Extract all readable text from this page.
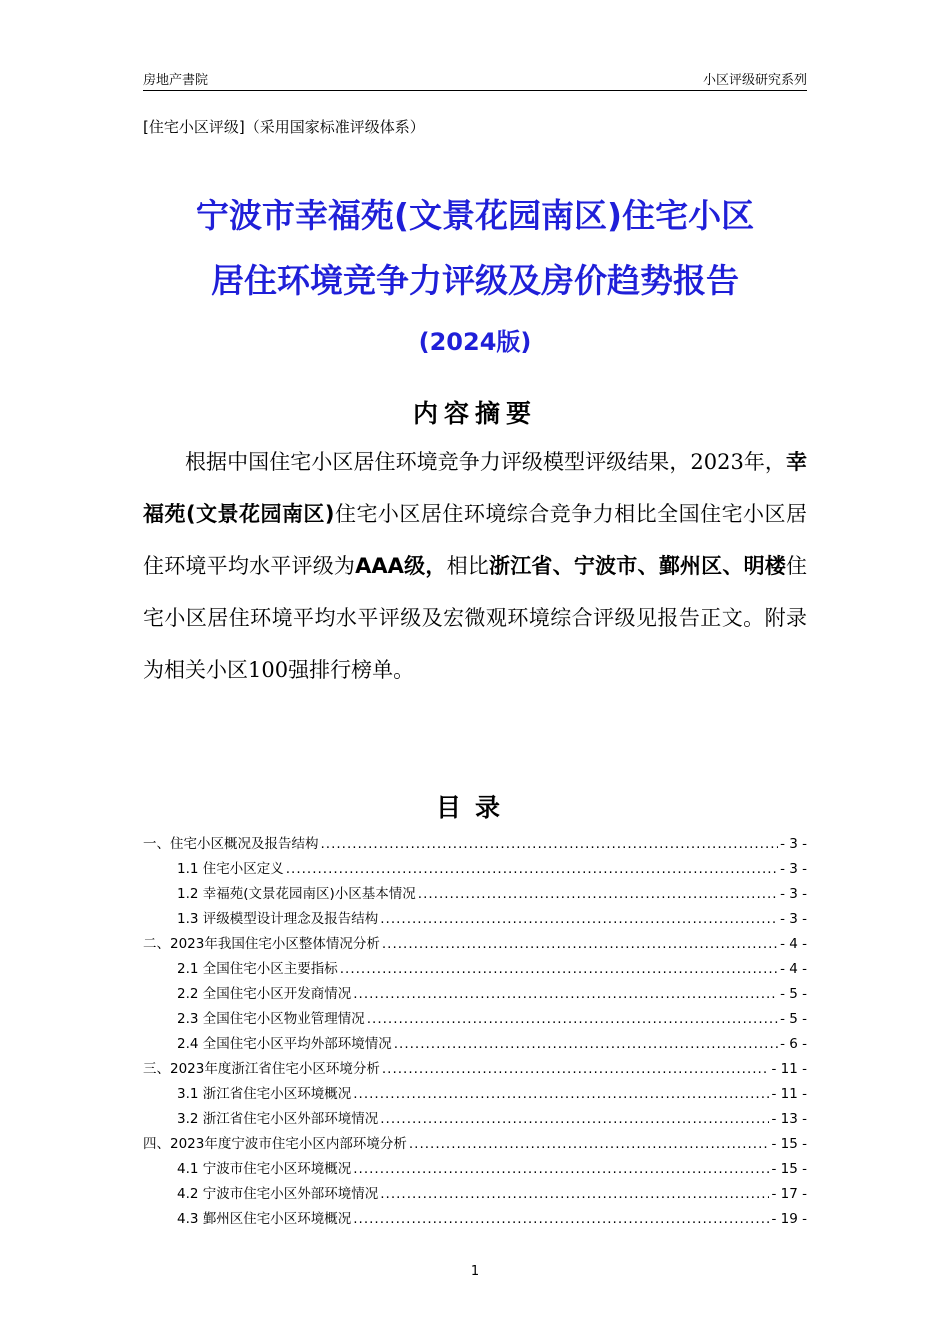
房地产書院	小区评级研究系列
[住宅小区评级]（采用国家标准评级体系）
宁波市幸福苑(文景花园南区)住宅小区
居住环境竞争力评级及房价趋势报告
(2024版)
内容摘要
根据中国住宅小区居住环境竞争力评级模型评级结果，2023年，幸福苑(文景花园南区)住宅小区居住环境综合竞争力相比全国住宅小区居住环境平均水平评级为AAA级，相比浙江省、宁波市、鄞州区、明楼住宅小区居住环境平均水平评级及宏微观环境综合评级见报告正文。附录为相关小区100强排行榜单。
目录
一、住宅小区概况及报告结构 .....	- 3 -
1.1 住宅小区定义 .....	- 3 -
1.2 幸福苑(文景花园南区)小区基本情况 .....	- 3 -
1.3 评级模型设计理念及报告结构 .....	- 3 -
二、2023年我国住宅小区整体情况分析 .....	- 4 -
2.1 全国住宅小区主要指标 .....	- 4 -
2.2 全国住宅小区开发商情况 .....	- 5 -
2.3 全国住宅小区物业管理情况 .....	- 5 -
2.4 全国住宅小区平均外部环境情况 .....	- 6 -
三、2023年度浙江省住宅小区环境分析 .....	- 11 -
3.1 浙江省住宅小区环境概况 .....	- 11 -
3.2 浙江省住宅小区外部环境情况 .....	- 13 -
四、2023年度宁波市住宅小区内部环境分析 .....	- 15 -
4.1 宁波市住宅小区环境概况 .....	- 15 -
4.2 宁波市住宅小区外部环境情况 .....	- 17 -
4.3 鄞州区住宅小区环境概况 .....	- 19 -
1
